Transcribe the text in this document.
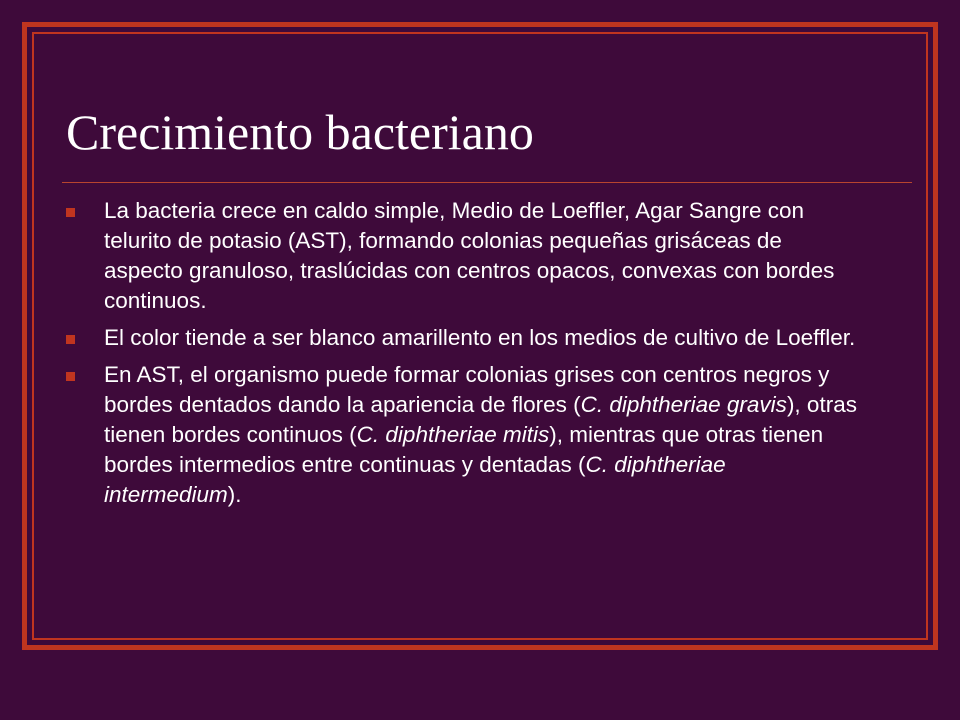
Crecimiento bacteriano
La bacteria crece en caldo simple, Medio de Loeffler, Agar Sangre con telurito de potasio (AST), formando colonias pequeñas grisáceas de aspecto granuloso, traslúcidas con centros opacos, convexas con bordes continuos.
El color tiende a ser blanco amarillento en los medios de cultivo de Loeffler.
En AST, el organismo puede formar colonias grises con centros negros y bordes dentados dando la apariencia de flores (C. diphtheriae gravis), otras tienen bordes continuos (C. diphtheriae mitis), mientras que otras tienen bordes intermedios entre continuas y dentadas (C. diphtheriae intermedium).
